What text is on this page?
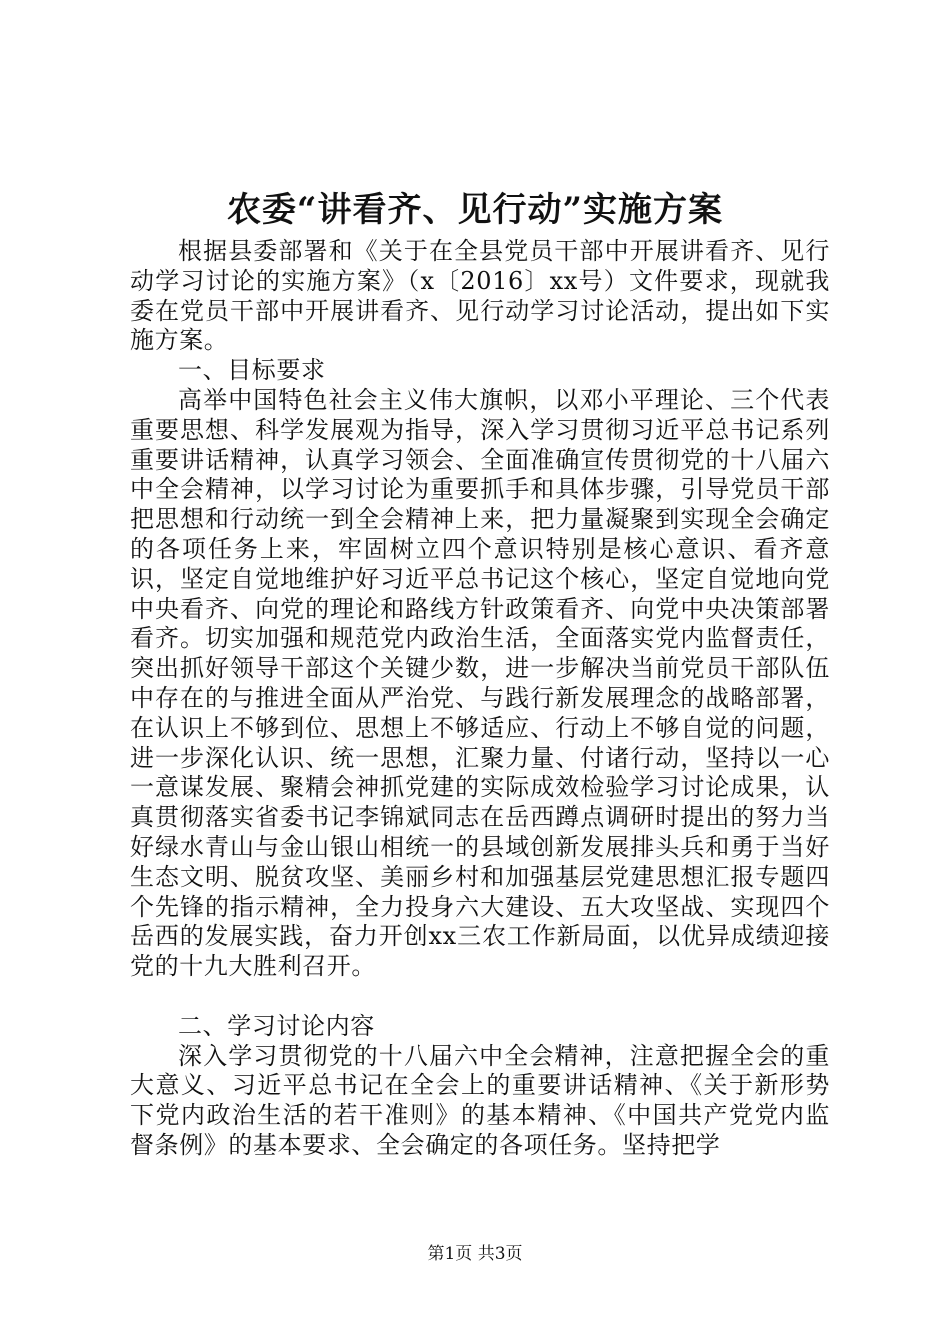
农委“讲看齐、见行动”实施方案

根据县委部署和《关于在全县党员干部中开展讲看齐、见行动学习讨论的实施方案》（x〔2016〕xx号）文件要求，现就我委在党员干部中开展讲看齐、见行动学习讨论活动，提出如下实施方案。

一、目标要求

高举中国特色社会主义伟大旗帜，以邓小平理论、三个代表重要思想、科学发展观为指导，深入学习贯彻习近平总书记系列重要讲话精神，认真学习领会、全面准确宣传贯彻党的十八届六中全会精神，以学习讨论为重要抓手和具体步骤，引导党员干部把思想和行动统一到全会精神上来，把力量凝聚到实现全会确定的各项任务上来，牢固树立四个意识特别是核心意识、看齐意识，坚定自觉地维护好习近平总书记这个核心，坚定自觉地向党中央看齐、向党的理论和路线方针政策看齐、向党中央决策部署看齐。切实加强和规范党内政治生活，全面落实党内监督责任，突出抓好领导干部这个关键少数，进一步解决当前党员干部队伍中存在的与推进全面从严治党、与践行新发展理念的战略部署，在认识上不够到位、思想上不够适应、行动上不够自觉的问题，进一步深化认识、统一思想，汇聚力量、付诸行动，坚持以一心一意谋发展、聚精会神抓党建的实际成效检验学习讨论成果，认真贯彻落实省委书记李锦斌同志在岳西蹲点调研时提出的努力当好绿水青山与金山银山相统一的县域创新发展排头兵和勇于当好生态文明、脱贫攻坚、美丽乡村和加强基层党建思想汇报专题四个先锋的指示精神，全力投身六大建设、五大攻坚战、实现四个岳西的发展实践，奋力开创xx三农工作新局面，以优异成绩迎接党的十九大胜利召开。

二、学习讨论内容

深入学习贯彻党的十八届六中全会精神，注意把握全会的重大意义、习近平总书记在全会上的重要讲话精神、《关于新形势下党内政治生活的若干准则》的基本精神、《中国共产党党内监督条例》的基本要求、全会确定的各项任务。坚持把学

第1页 共3页
